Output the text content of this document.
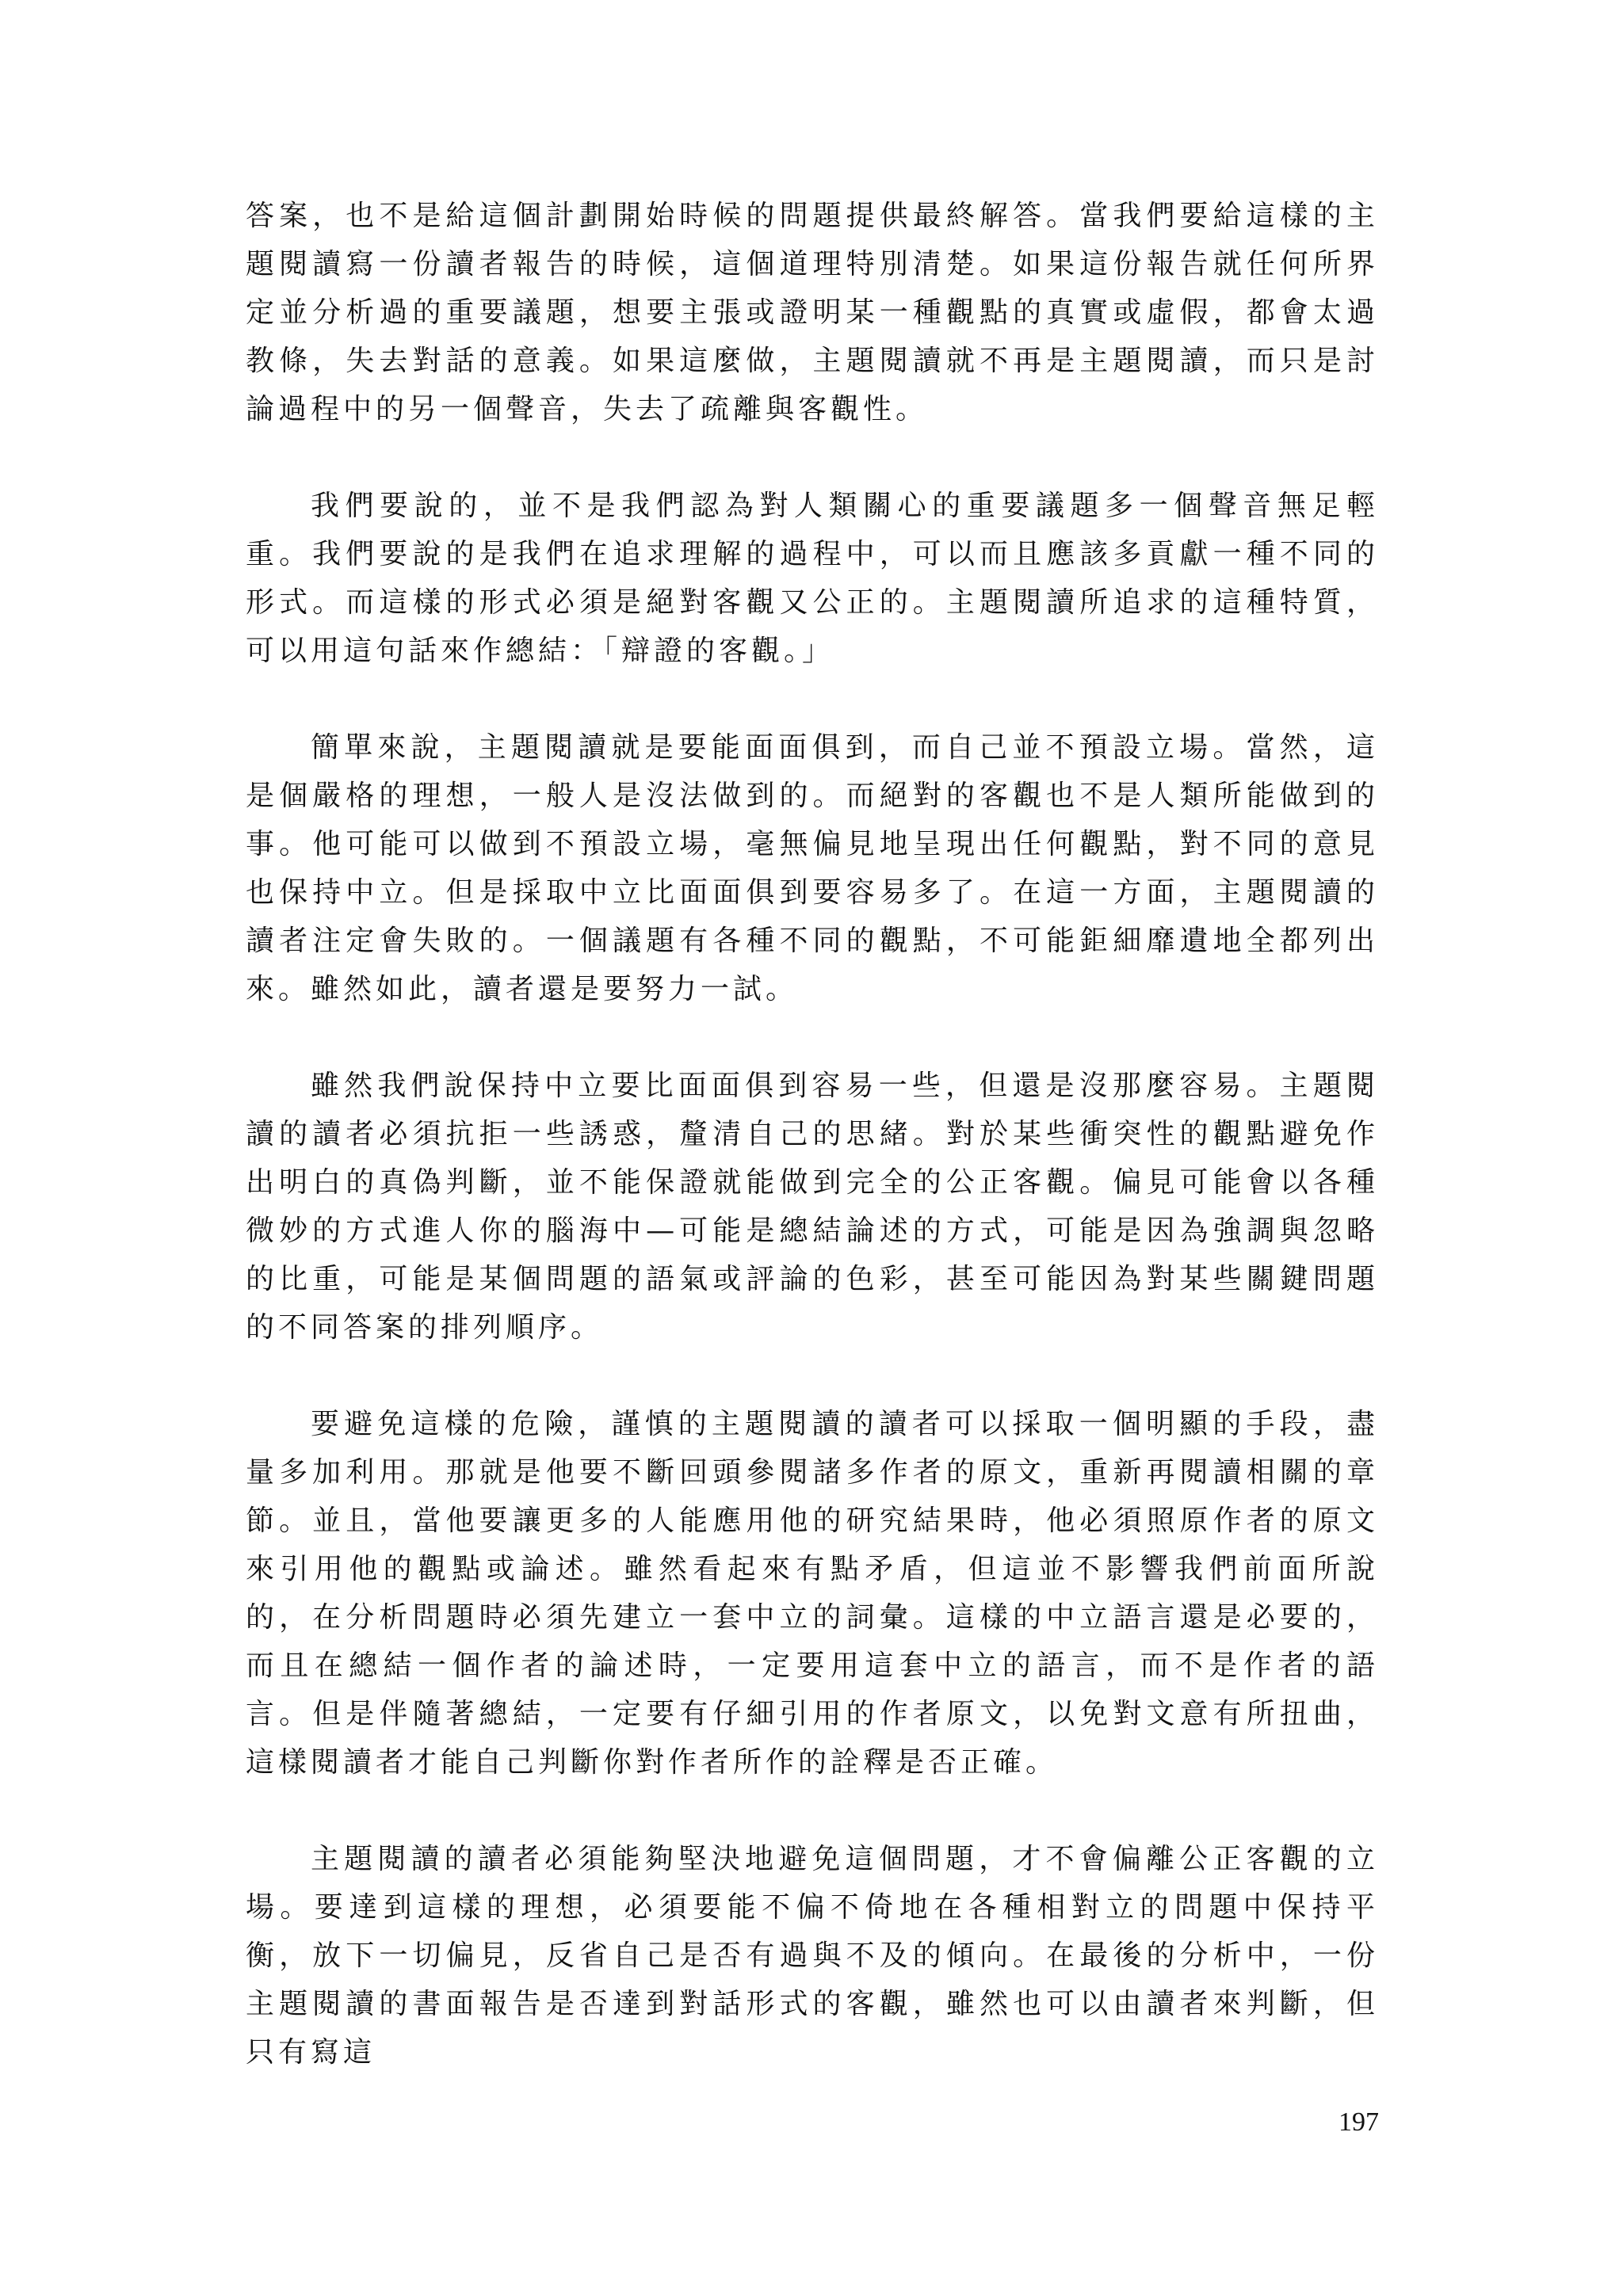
答案，也不是給這個計劃開始時候的問題提供最終解答。當我們要給這樣的主題閱讀寫一份讀者報告的時候，這個道理特別清楚。如果這份報告就任何所界定並分析過的重要議題，想要主張或證明某一種觀點的真實或虛假，都會太過教條，失去對話的意義。如果這麼做，主題閱讀就不再是主題閱讀，而只是討論過程中的另一個聲音，失去了疏離與客觀性。

我們要說的，並不是我們認為對人類關心的重要議題多一個聲音無足輕重。我們要說的是我們在追求理解的過程中，可以而且應該多貢獻一種不同的形式。而這樣的形式必須是絕對客觀又公正的。主題閱讀所追求的這種特質，可以用這句話來作總結：「辯證的客觀。」

簡單來說，主題閱讀就是要能面面俱到，而自己並不預設立場。當然，這是個嚴格的理想，一般人是沒法做到的。而絕對的客觀也不是人類所能做到的事。他可能可以做到不預設立場，毫無偏見地呈現出任何觀點，對不同的意見也保持中立。但是採取中立比面面俱到要容易多了。在這一方面，主題閱讀的讀者注定會失敗的。一個議題有各種不同的觀點，不可能鉅細靡遺地全都列出來。雖然如此，讀者還是要努力一試。

雖然我們說保持中立要比面面俱到容易一些，但還是沒那麼容易。主題閱讀的讀者必須抗拒一些誘惑，釐清自己的思緒。對於某些衝突性的觀點避免作出明白的真偽判斷，並不能保證就能做到完全的公正客觀。偏見可能會以各種微妙的方式進人你的腦海中—可能是總結論述的方式，可能是因為強調與忽略的比重，可能是某個問題的語氣或評論的色彩，甚至可能因為對某些關鍵問題的不同答案的排列順序。

要避免這樣的危險，謹慎的主題閱讀的讀者可以採取一個明顯的手段，盡量多加利用。那就是他要不斷回頭參閱諸多作者的原文，重新再閱讀相關的章節。並且，當他要讓更多的人能應用他的研究結果時，他必須照原作者的原文來引用他的觀點或論述。雖然看起來有點矛盾，但這並不影響我們前面所說的，在分析問題時必須先建立一套中立的詞彙。這樣的中立語言還是必要的，而且在總結一個作者的論述時，一定要用這套中立的語言，而不是作者的語言。但是伴隨著總結，一定要有仔細引用的作者原文，以免對文意有所扭曲，這樣閱讀者才能自己判斷你對作者所作的詮釋是否正確。

主題閱讀的讀者必須能夠堅決地避免這個問題，才不會偏離公正客觀的立場。要達到這樣的理想，必須要能不偏不倚地在各種相對立的問題中保持平衡，放下一切偏見，反省自己是否有過與不及的傾向。在最後的分析中，一份主題閱讀的書面報告是否達到對話形式的客觀，雖然也可以由讀者來判斷，但只有寫這

197
